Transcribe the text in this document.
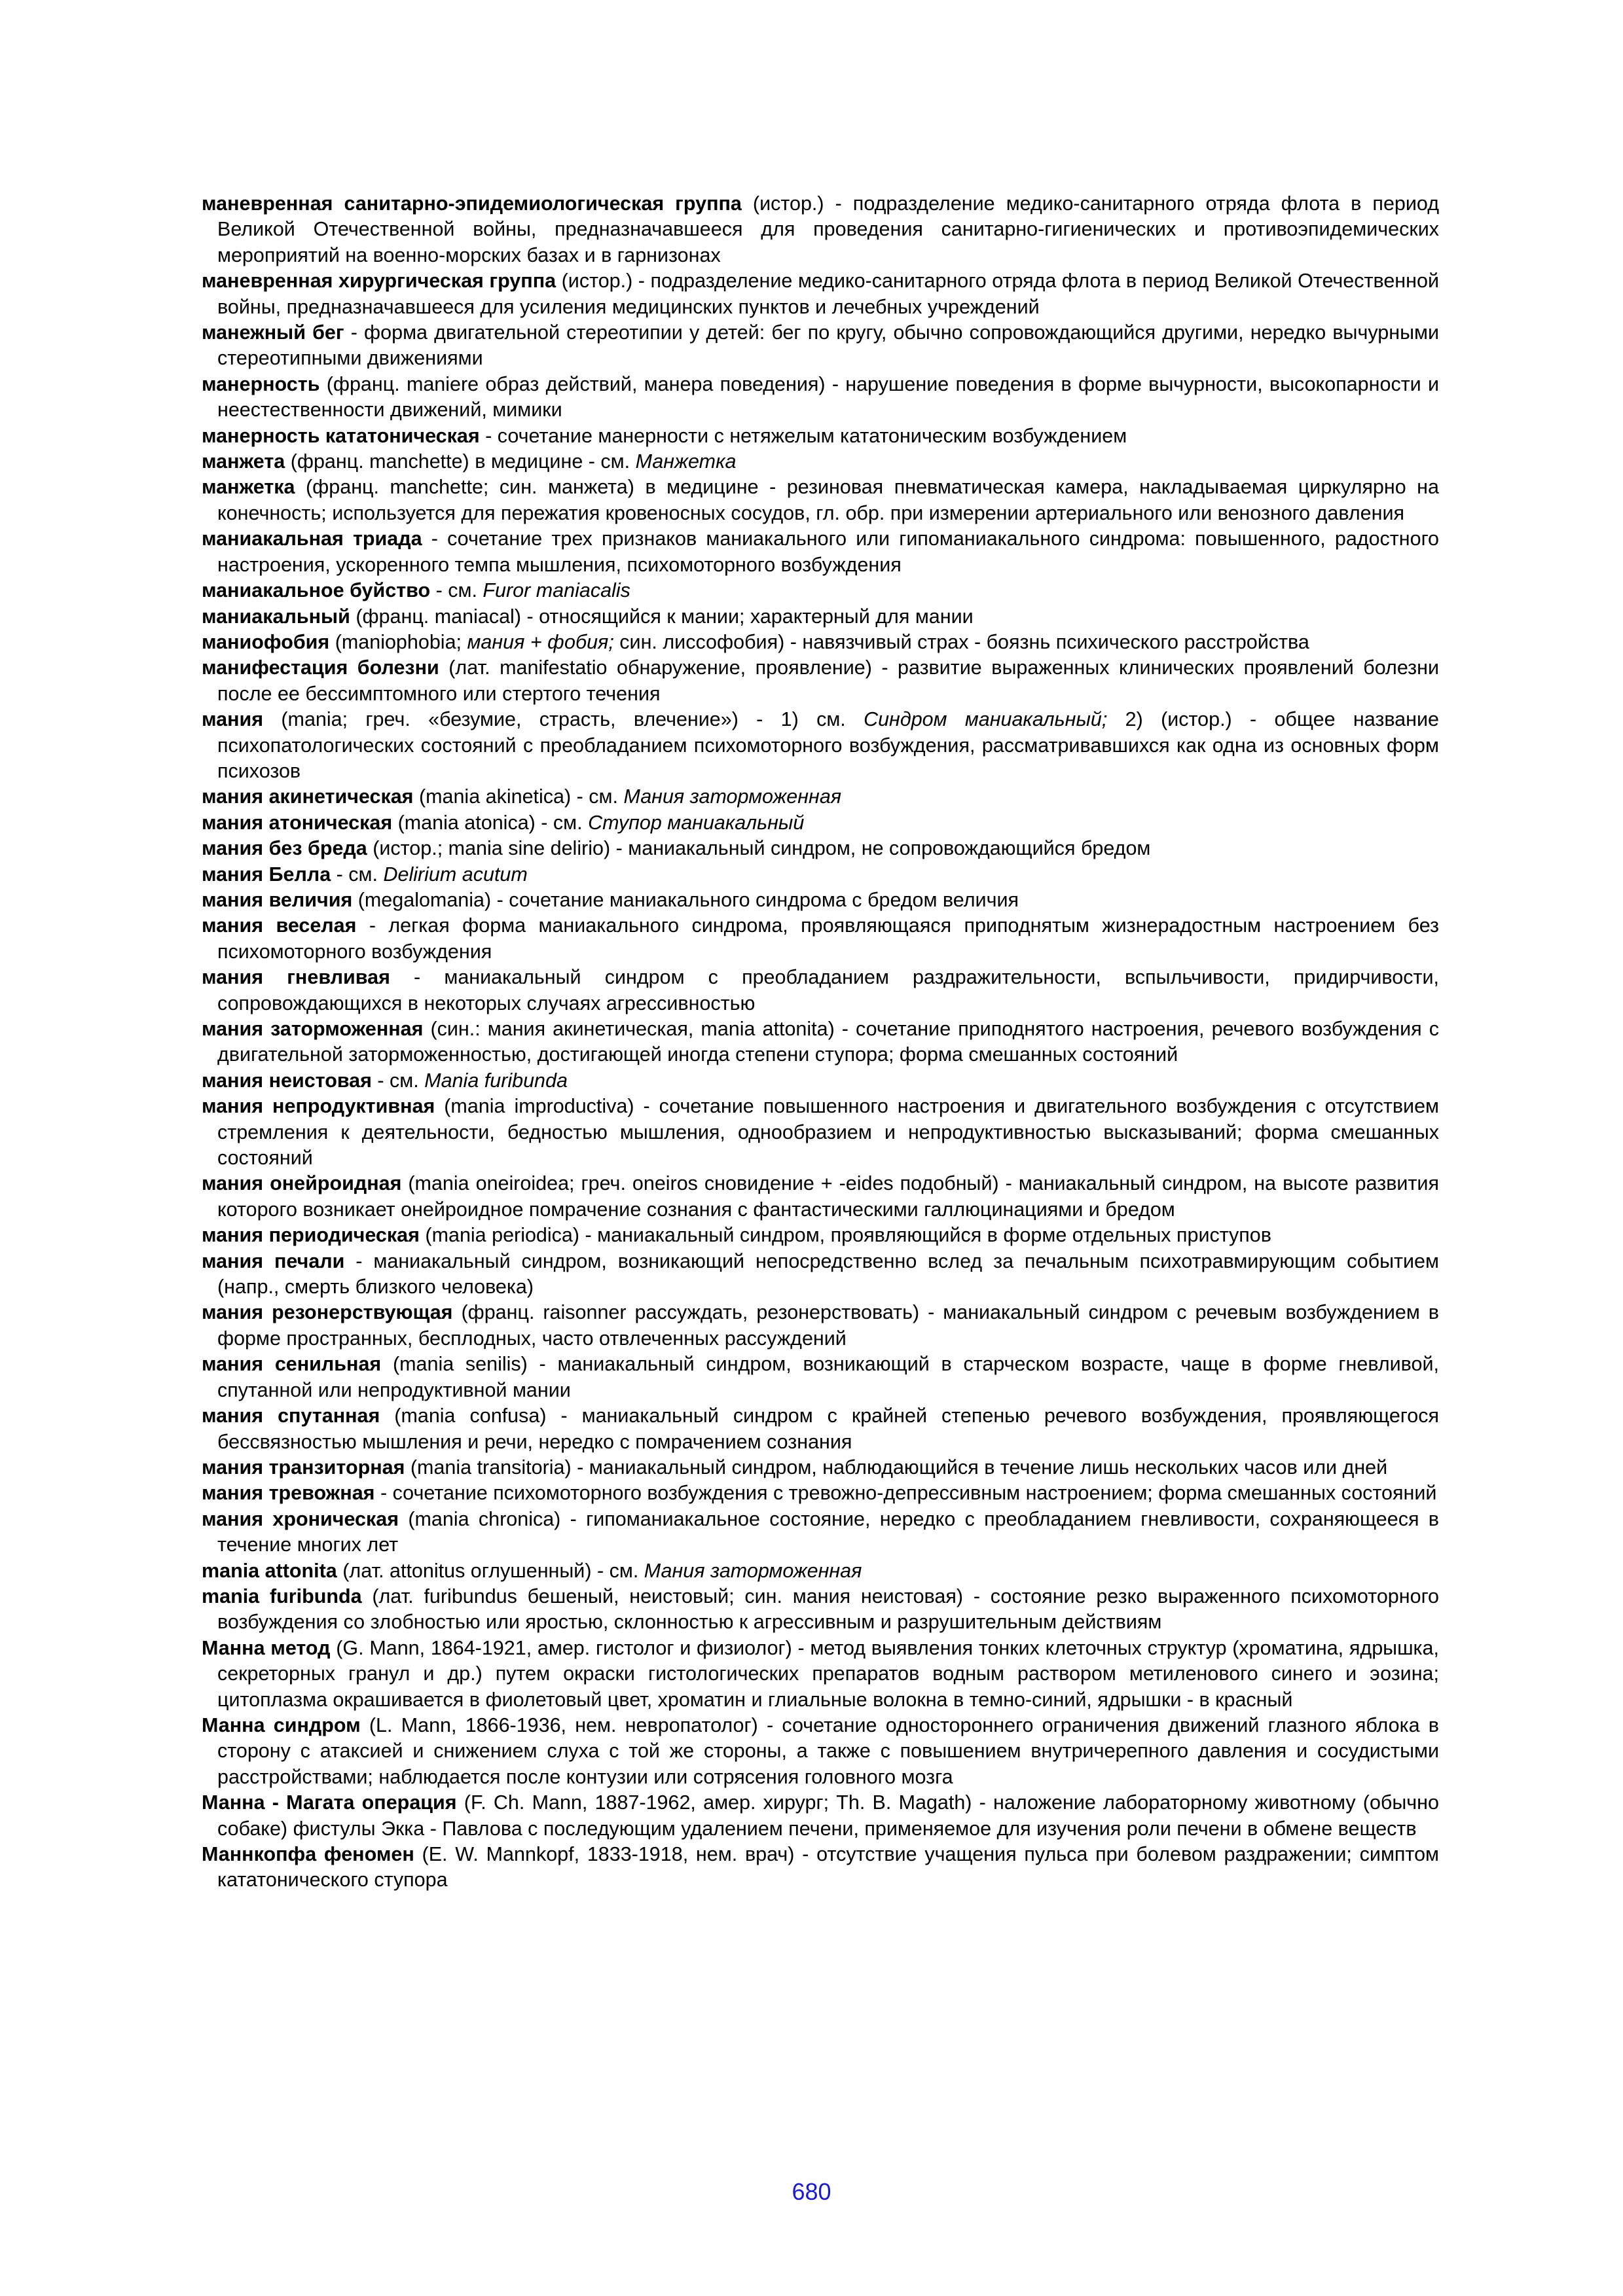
маневренная санитарно-эпидемиологическая группа (истор.) - подразделение медико-санитарного отряда флота в период Великой Отечественной войны, предназначавшееся для проведения санитарно-гигиенических и противоэпидемических мероприятий на военно-морских базах и в гарнизонах

маневренная хирургическая группа (истор.) - подразделение медико-санитарного отряда флота в период Великой Отечественной войны, предназначавшееся для усиления медицинских пунктов и лечебных учреждений

манежный бег - форма двигательной стереотипии у детей: бег по кругу, обычно сопровождающийся другими, нередко вычурными стереотипными движениями

манерность (франц. maniere образ действий, манера поведения) - нарушение поведения в форме вычурности, высокопарности и неестественности движений, мимики

манерность кататоническая - сочетание манерности с нетяжелым кататоническим возбуждением

манжета (франц. manchette) в медицине - см. Манжетка

манжетка (франц. manchette; син. манжета) в медицине - резиновая пневматическая камера, накладываемая циркулярно на конечность; используется для пережатия кровеносных сосудов, гл. обр. при измерении артериального или венозного давления

маниакальная триада - сочетание трех признаков маниакального или гипоманиакального синдрома: повышенного, радостного настроения, ускоренного темпа мышления, психомоторного возбуждения

маниакальное буйство - см. Furor maniacalis

маниакальный (франц. maniacal) - относящийся к мании; характерный для мании

маниофобия (maniophobia; мания + фобия; син. лиссофобия) - навязчивый страх - боязнь психического расстройства

манифестация болезни (лат. manifestatio обнаружение, проявление) - развитие выраженных клинических проявлений болезни после ее бессимптомного или стертого течения

мания (mania; греч. «безумие, страсть, влечение») - 1) см. Синдром маниакальный; 2) (истор.) - общее название психопатологических состояний с преобладанием психомоторного возбуждения, рассматривавшихся как одна из основных форм психозов

мания акинетическая (mania akinetica) - см. Мания заторможенная

мания атоническая (mania atonica) - см. Ступор маниакальный

мания без бреда (истор.; mania sine delirio) - маниакальный синдром, не сопровождающийся бредом

мания Белла - см. Delirium acutum

мания величия (megalomania) - сочетание маниакального синдрома с бредом величия

мания веселая - легкая форма маниакального синдрома, проявляющаяся приподнятым жизнерадостным настроением без психомоторного возбуждения

мания гневливая - маниакальный синдром с преобладанием раздражительности, вспыльчивости, придирчивости, сопровождающихся в некоторых случаях агрессивностью

мания заторможенная (син.: мания акинетическая, mania attonita) - сочетание приподнятого настроения, речевого возбуждения с двигательной заторможенностью, достигающей иногда степени ступора; форма смешанных состояний

мания неистовая - см. Mania furibunda

мания непродуктивная (mania improductiva) - сочетание повышенного настроения и двигательного возбуждения с отсутствием стремления к деятельности, бедностью мышления, однообразием и непродуктивностью высказываний; форма смешанных состояний

мания онейроидная (mania oneiroidea; греч. oneiros сновидение + -eides подобный) - маниакальный синдром, на высоте развития которого возникает онейроидное помрачение сознания с фантастическими галлюцинациями и бредом

мания периодическая (mania periodica) - маниакальный синдром, проявляющийся в форме отдельных приступов

мания печали - маниакальный синдром, возникающий непосредственно вслед за печальным психотравмирующим событием (напр., смерть близкого человека)

мания резонерствующая (франц. raisonner рассуждать, резонерствовать) - маниакальный синдром с речевым возбуждением в форме пространных, бесплодных, часто отвлеченных рассуждений

мания сенильная (mania senilis) - маниакальный синдром, возникающий в старческом возрасте, чаще в форме гневливой, спутанной или непродуктивной мании

мания спутанная (mania confusa) - маниакальный синдром с крайней степенью речевого возбуждения, проявляющегося бессвязностью мышления и речи, нередко с помрачением сознания

мания транзиторная (mania transitoria) - маниакальный синдром, наблюдающийся в течение лишь нескольких часов или дней

мания тревожная - сочетание психомоторного возбуждения с тревожно-депрессивным настроением; форма смешанных состояний

мания хроническая (mania chronica) - гипоманиакальное состояние, нередко с преобладанием гневливости, сохраняющееся в течение многих лет

mania attonita (лат. attonitus оглушенный) - см. Мания заторможенная

mania furibunda (лат. furibundus бешеный, неистовый; син. мания неистовая) - состояние резко выраженного психомоторного возбуждения со злобностью или яростью, склонностью к агрессивным и разрушительным действиям

Манна метод (G. Mann, 1864-1921, амер. гистолог и физиолог) - метод выявления тонких клеточных структур (хроматина, ядрышка, секреторных гранул и др.) путем окраски гистологических препаратов водным раствором метиленового синего и эозина; цитоплазма окрашивается в фиолетовый цвет, хроматин и глиальные волокна в темно-синий, ядрышки - в красный

Манна синдром (L. Mann, 1866-1936, нем. невропатолог) - сочетание одностороннего ограничения движений глазного яблока в сторону с атаксией и снижением слуха с той же стороны, а также с повышением внутричерепного давления и сосудистыми расстройствами; наблюдается после контузии или сотрясения головного мозга

Манна - Магата операция (F. Ch. Mann, 1887-1962, амер. хирург; Th. B. Magath) - наложение лабораторному животному (обычно собаке) фистулы Экка - Павлова с последующим удалением печени, применяемое для изучения роли печени в обмене веществ

Маннкопфа феномен (E. W. Mannkopf, 1833-1918, нем. врач) - отсутствие учащения пульса при болевом раздражении; симптом кататонического ступора

680
